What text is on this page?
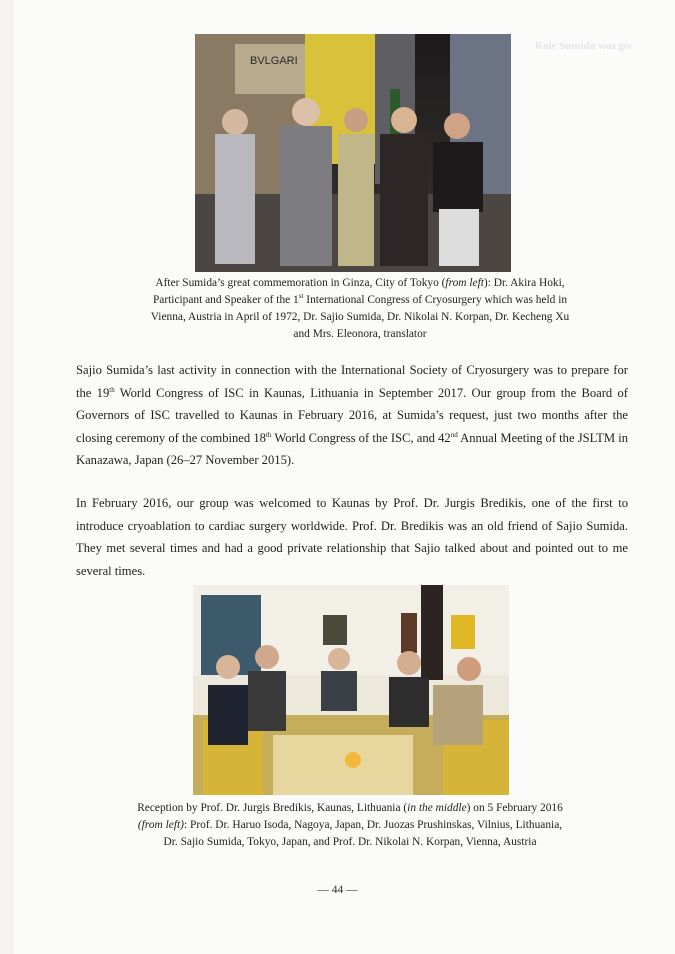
Role Sumida was giv
BVLGARI
After Sumida’s great commemoration in Ginza, City of Tokyo (from left): Dr. Akira Hoki,
Participant and Speaker of the 1st International Congress of Cryosurgery which was held in
Vienna, Austria in April of 1972, Dr. Sajio Sumida, Dr. Nikolai N. Korpan, Dr. Kecheng Xu
and Mrs. Eleonora, translator
Sajio Sumida’s last activity in connection with the International Society of Cryosurgery was to prepare for the 19th World Congress of ISC in Kaunas, Lithuania in September 2017. Our group from the Board of Governors of ISC travelled to Kaunas in February 2016, at Sumida’s request, just two months after the closing ceremony of the combined 18th World Congress of the ISC, and 42nd Annual Meeting of the JSLTM in Kanazawa, Japan (26–27 November 2015).
In February 2016, our group was welcomed to Kaunas by Prof. Dr. Jurgis Bredikis, one of the first to introduce cryoablation to cardiac surgery worldwide. Prof. Dr. Bredikis was an old friend of Sajio Sumida. They met several times and had a good private relationship that Sajio talked about and pointed out to me several times.
Reception by Prof. Dr. Jurgis Bredikis, Kaunas, Lithuania (in the middle) on 5 February 2016
(from left): Prof. Dr. Haruo Isoda, Nagoya, Japan, Dr. Juozas Prushinskas, Vilnius, Lithuania,
Dr. Sajio Sumida, Tokyo, Japan, and Prof. Dr. Nikolai N. Korpan, Vienna, Austria
— 44 —
